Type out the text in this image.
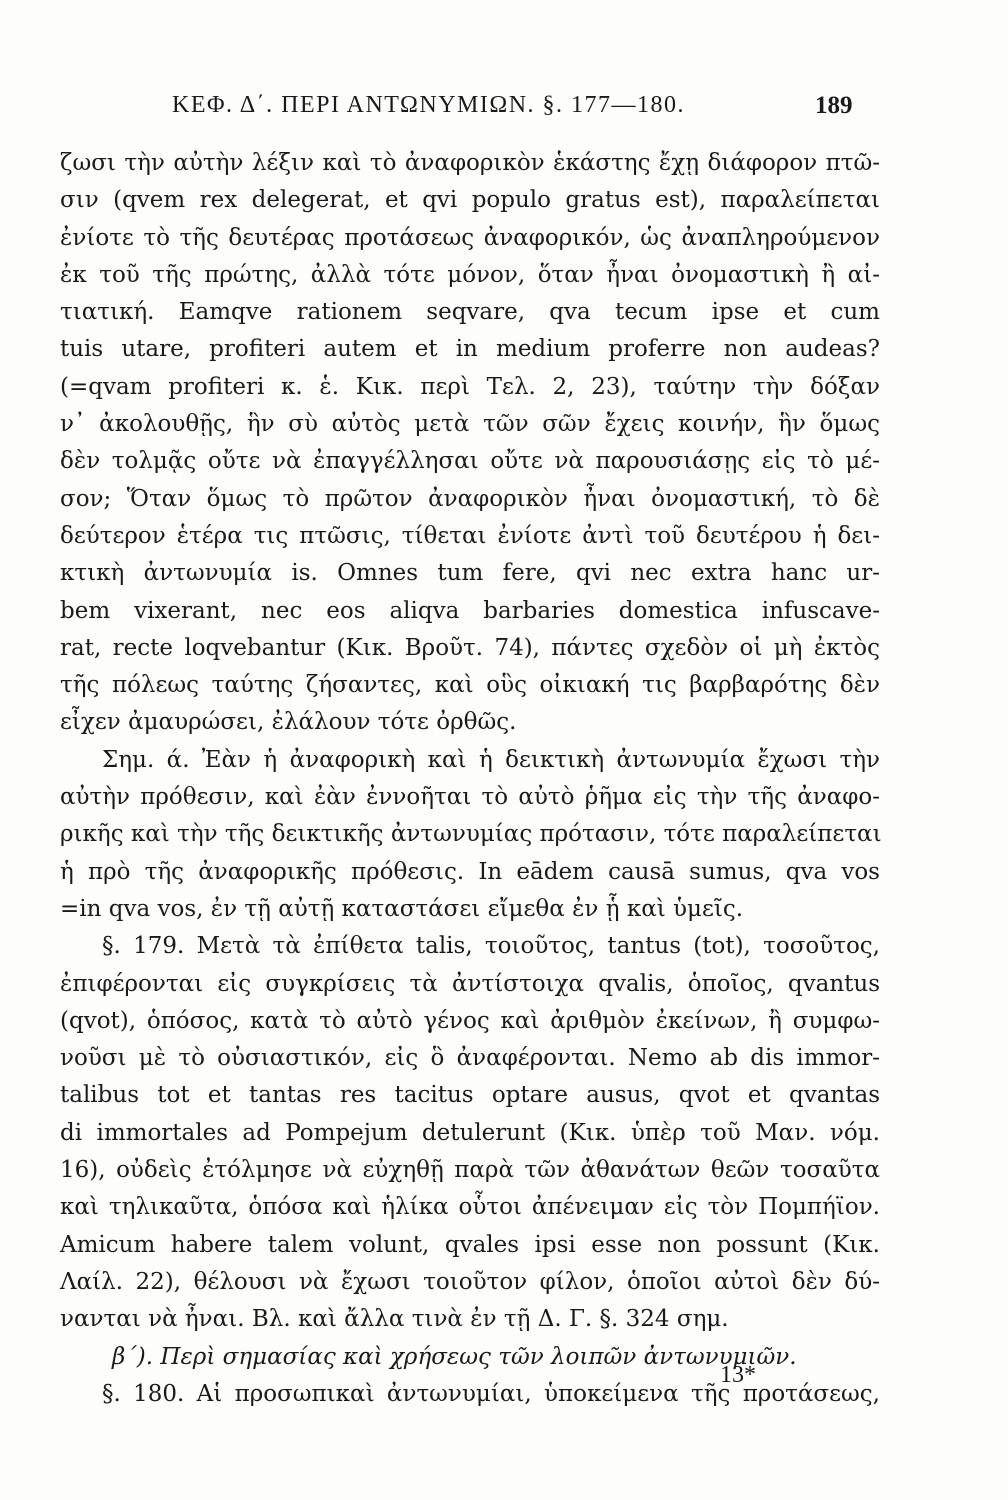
ΚΕΦ. Δ΄. ΠΕΡΙ ΑΝΤΩΝΥΜΙΩΝ. §. 177—180.	189
ζωσι τὴν αὐτὴν λέξιν καὶ τὸ ἀναφορικὸν ἑκάστης ἔχῃ διάφορον πτῶ-
σιν (qvem rex delegerat, et qvi populo gratus est), παραλείπεται
ἐνίοτε τὸ τῆς δευτέρας προτάσεως ἀναφορικόν, ὡς ἀναπληρούμενον
ἐκ τοῦ τῆς πρώτης, ἀλλὰ τότε μόνον, ὅταν ἦναι ὀνομαστικὴ ἢ αἰ-
τιατική. Eamqve rationem seqvare, qva tecum ipse et cum
tuis utare, profiteri autem et in medium proferre non audeas?
(=qvam profiteri κ. ἑ. Κικ. περὶ Τελ. 2, 23), ταύτην τὴν δόξαν
ν᾽ ἀκολουθῇς, ἣν σὺ αὐτὸς μετὰ τῶν σῶν ἔχεις κοινήν, ἣν ὅμως
δὲν τολμᾷς οὔτε νὰ ἐπαγγέλλησαι οὔτε νὰ παρουσιάσῃς εἰς τὸ μέ-
σον; Ὅταν ὅμως τὸ πρῶτον ἀναφορικὸν ἦναι ὀνομαστική, τὸ δὲ
δεύτερον ἑτέρα τις πτῶσις, τίθεται ἐνίοτε ἀντὶ τοῦ δευτέρου ἡ δει-
κτικὴ ἀντωνυμία is. Omnes tum fere, qvi nec extra hanc ur-
bem vixerant, nec eos aliqva barbaries domestica infuscave-
rat, recte loqvebantur (Κικ. Βροῦτ. 74), πάντες σχεδὸν οἱ μὴ ἐκτὸς
τῆς πόλεως ταύτης ζήσαντες, καὶ οὓς οἰκιακή τις βαρβαρότης δὲν
εἶχεν ἀμαυρώσει, ἐλάλουν τότε ὀρθῶς.
Σημ. ά. Ἐὰν ἡ ἀναφορικὴ καὶ ἡ δεικτικὴ ἀντωνυμία ἔχωσι τὴν
αὐτὴν πρόθεσιν, καὶ ἐὰν ἐννοῆται τὸ αὐτὸ ῥῆμα εἰς τὴν τῆς ἀναφο-
ρικῆς καὶ τὴν τῆς δεικτικῆς ἀντωνυμίας πρότασιν, τότε παραλείπεται
ἡ πρὸ τῆς ἀναφορικῆς πρόθεσις. In eādem causā sumus, qva vos
=in qva vos, ἐν τῇ αὐτῇ καταστάσει εἴμεθα ἐν ᾗ καὶ ὑμεῖς.
§. 179. Μετὰ τὰ ἐπίθετα talis, τοιοῦτος, tantus (tot), τοσοῦτος,
ἐπιφέρονται εἰς συγκρίσεις τὰ ἀντίστοιχα qvalis, ὁποῖος, qvantus
(qvot), ὁπόσος, κατὰ τὸ αὐτὸ γένος καὶ ἀριθμὸν ἐκείνων, ἢ συμφω-
νοῦσι μὲ τὸ οὐσιαστικόν, εἰς ὃ ἀναφέρονται. Nemo ab dis immor-
talibus tot et tantas res tacitus optare ausus, qvot et qvantas
di immortales ad Pompejum detulerunt (Κικ. ὑπὲρ τοῦ Μαν. νόμ.
16), οὐδεὶς ἐτόλμησε νὰ εὐχηθῇ παρὰ τῶν ἀθανάτων θεῶν τοσαῦτα
καὶ τηλικαῦτα, ὁπόσα καὶ ἡλίκα οὗτοι ἀπένειμαν εἰς τὸν Πομπήϊον.
Amicum habere talem volunt, qvales ipsi esse non possunt (Κικ.
Λαίλ. 22), θέλουσι νὰ ἔχωσι τοιοῦτον φίλον, ὁποῖοι αὐτοὶ δὲν δύ-
νανται νὰ ἦναι. Βλ. καὶ ἄλλα τινὰ ἐν τῇ Δ. Γ. §. 324 σημ.
β΄). Περὶ σημασίας καὶ χρήσεως τῶν λοιπῶν ἀντωνυμιῶν.
§. 180. Αἱ προσωπικαὶ ἀντωνυμίαι, ὑποκείμενα τῆς προτάσεως,
13*
